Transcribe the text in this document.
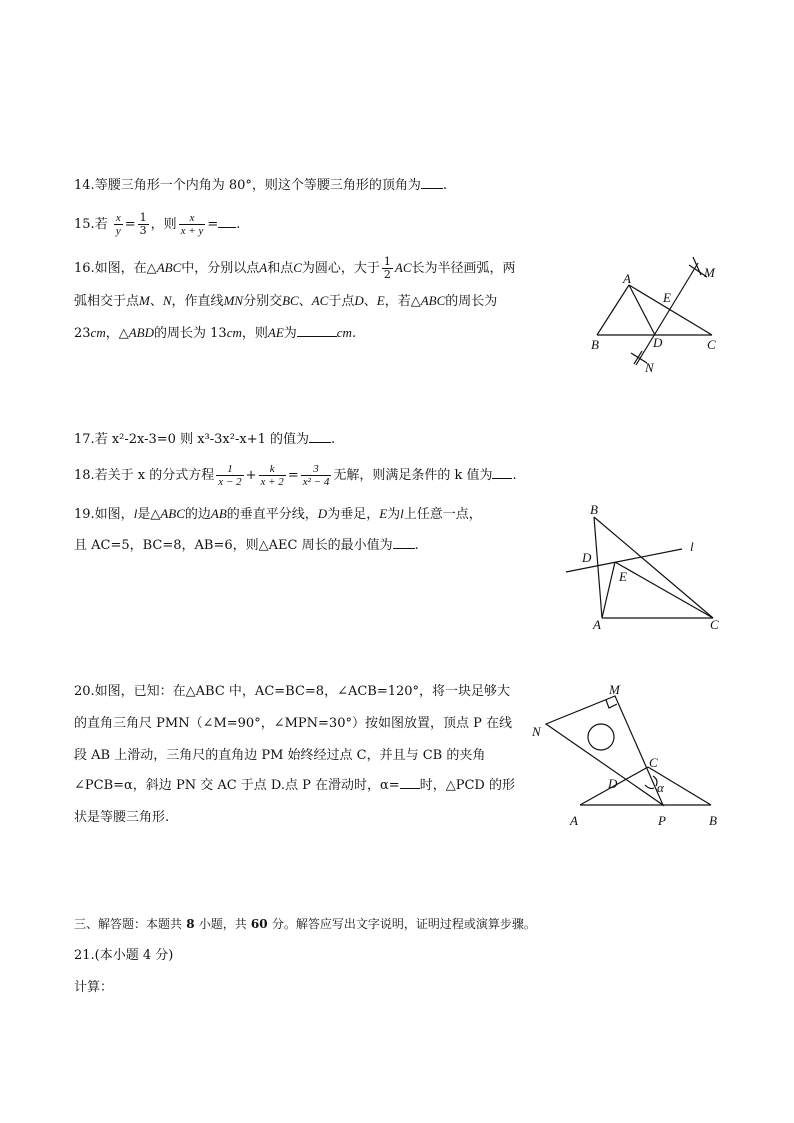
14.等腰三角形一个内角为 80°，则这个等腰三角形的顶角为 .
15.若 $\frac{x}{y} = \frac{1}{3}$ ，则 $\frac{x}{x + y}$ = .
16.如图，在△ABC中，分别以点A和点C为圆心，大于 $\frac{1}{2}$ AC长为半径画弧，两
弧相交于点M、N，作直线MN分别交BC、AC于点D、E，若△ABC的周长为
23cm，△ABD的周长为 13cm，则AE为	cm.
A
B	C
D
E
M
N
17.若 x²-2x-3=0 则 x³-3x²-x+1 的值为 .
18.若关于 x 的分式方程 $\frac{1}{x - 2} + \frac{k}{x + 2} = \frac{3}{\text{x² − 4}}$ 无解，则满足条件的 k 值为 .
19.如图，l是△ABC的边AB的垂直平分线，D为垂足，E为l上任意一点，
且 AC=5，BC=8，AB=6，则△AEC 周长的最小值为 .
B
D
E
A	C
l
20.如图，已知：在△ABC 中，AC=BC=8，∠ACB=120°，将一块足够大
的直角三角尺 PMN（∠M=90°，∠MPN=30°）按如图放置，顶点 P 在线
段 AB 上滑动，三角尺的直角边 PM 始终经过点 C，并且与 CB 的夹角
∠PCB=α，斜边 PN 交 AC 于点 D.点 P 在滑动时，α= 时，△PCD 的形
状是等腰三角形.
M
N
C
D	α
A	P	B
三、解答题：本题共 8 小题，共 60 分。解答应写出文字说明，证明过程或演算步骤。
21.(本小题 4 分)
计算：
